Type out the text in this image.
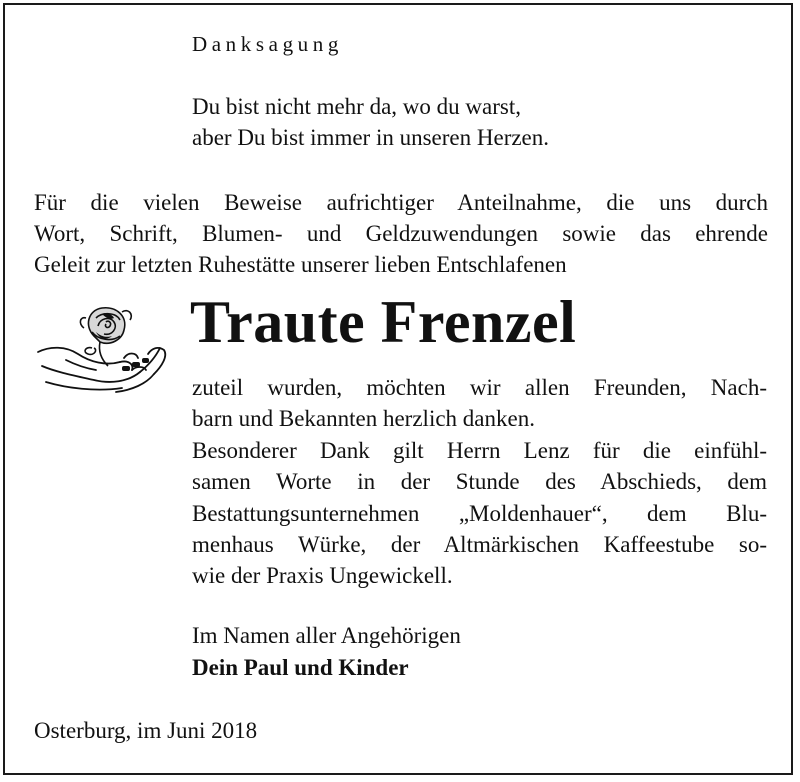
Danksagung
Du bist nicht mehr da, wo du warst,
aber Du bist immer in unseren Herzen.
Für die vielen Beweise aufrichtiger Anteilnahme, die uns durch
Wort, Schrift, Blumen- und Geldzuwendungen sowie das ehrende
Geleit zur letzten Ruhestätte unserer lieben Entschlafenen
Traute Frenzel
zuteil wurden, möchten wir allen Freunden, Nach-
barn und Bekannten herzlich danken.
Besonderer Dank gilt Herrn Lenz für die einfühl-
samen Worte in der Stunde des Abschieds, dem
Bestattungsunternehmen „Moldenhauer“, dem Blu-
menhaus Würke, der Altmärkischen Kaffeestube so-
wie der Praxis Ungewickell.
Im Namen aller Angehörigen
Dein Paul und Kinder
Osterburg, im Juni 2018
